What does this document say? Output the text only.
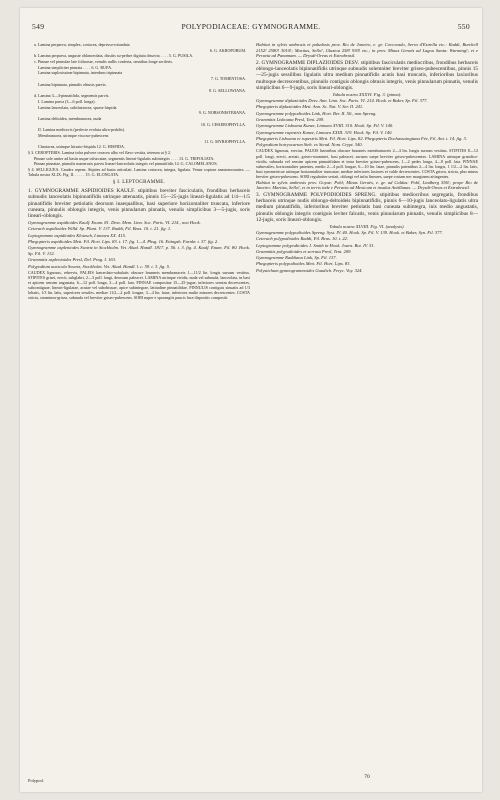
549	POLYPODIACEAE: GYMNOGRAMME.	550
a. Lamina perparva, simplex, coriacea, depresso-rotundata
6. G. AKROPORUM.
b. Lamina perparva, unguste oblanceolata, dissitis su-perbre digitata dissecta . . . . 5. G. PUSILA.
c. Pinnae vel pinnulae late foliaceae, venulis nullis conferta, omnibus longe soriferis.
Lamina simpliciter pinnata . . . . 6. G. RUFA.
Lamina suplosissime bipinnata, interdum tripinnata
7. G. TOMENTOSA.
Lamina bipinnata, pinnulis obtusis parvis.
8. G. SELLOWIANA.
d. Lamina 3—4-pinnatifida, segmentis parvis.
I. Lamina parva (3—6 poll. longa).
Lamina lanceolata, subchartacea, sparse hispida
9. G. NOBSONISTEBANA.
Lamina deltoidea, membranacea, nuda
10. G. CHAEROPHYLLA.
II. Lamina mediocris (perfecte evoluta ultra-pedalis).
Membranacea, utrinque viscoso-pubescens
11. G. MYRIOPHYLLA.
Chartacea, utrinque hirsuto-hispida 12. G. HISPIDA.
§ 3. CEROPTERIS. Lamina infra pulvere ceraceo albo vel flavo vestita, teterum ut § 2.
Pinnae sole uniter ad basin usque trifurcatae, segmentis lineari-ligulatis subintegris . . . . 13. G. TRIFOLIATA.
Pinnae pinnatae, pinnulis numerosis parvis lineari-lanceolatis integris vel pinnatifidis 14. G. CALOMELANOS.
§ 4. SELLIGUEA. Caudex repens. Stipites ad basin articulati. Lamina coriacea, integra, ligulata. Venae copiose anastomosantes. — Tabula nostra XLIX. Fig. II. . . . . . 15. G. ELONGATA.
§ I. LEPTOGRAMME.
1. GYMNOGRAMME ASPIDIOIDES KAULF. stipitibus breviter fasciculatis, frondibus herbaceis subnudis lanceolatis bipinnatifidis utrinque attenuatis, pinnis 15—25-jugis lineari-ligulatis ad 1/4—1/5 pinnatifidis breviter petiolatis deorsum inaequalibus, basi superiore horizontaliter truncata, inferiore cuneata, pinnulis oblongis integris, venis pinnularum pinnatis, venulis simplicibus 3—5-jugis, soris lineari-oblongis.
Gymnogramme aspidioides Kaulf. Enum. 81. Desv. Mem. Linn. Soc. Paris. VI. 214., non Hook.
Ceterach aspidioides Willd. Sp. Plant. V. 137. Raddi, Fil. Bras. 10. t. 21. fig. 1.
Leptogramme aspidioides Klotzsch, Linnaea XX. 415.
Phegopteris aspidioides Mett. Fil. Hort. Lips. 83. t. 17. fig. 1—4. Phsg. 16. Ettingsh. Farnkr. t. 37. fig. 2.
Gymnogramme aspleniodes Swartz in Stockholm. Vet. Akad. Handl. 1817. p. 56. t. 3. fig. 4. Kaulf. Enum. Fil. 80. Hook. Sp. Fil. V. 132.
Grammitis asplenioides Presl, Del. Prag. I. 163.
Polypodium auxicola Swartz, Stockholm. Vet. Akad. Handl. l. c. 59. t. 3. fig. 5.
CAUDEX lignosus, rebrevis, PALEIS lanceolato-subulatis obscure brunneis membranaceis 1—11/2 lin. longis sursum vestitus. STIPITES grisei, erecti, subglabri, 2—3 poll. longi, deorsum paleacei. LAMINA utrinque viridis, nuda vel subnuda, lanceolata, in basi et apicem sensim angustata, 6—12 poll. longa, 3—4 poll. lata. PINNAE compositae 15—25-jugae, inferiores sensim decrescentes, subcontiguae, lineari-ligulatae, acutae vel subobtusae, apice subintegrae, latitudine pinnatifidae, PINNULIS contiguis sinuatis ad 1/3 lobatis, 1/3 lin. latis, superiores sessiles, mediae 11/2—2 poll. longae, 3—4 lin. latae, inferiores multo minores decrescentes. COSTA stricta, straminea-grisea, subnuda vel breviter griseo-pubescens. SORI nuper e sporangiis paucis laxe dispositis compositi.
Habitat in sylvis umbrosis et paludosis prov. Rio de Janeiro, e. gr. Corcovado, Serra d'Estrella etc.: Raddi, Burchell 2152! 2580! 3010!; Martius, Sello!, Glaziou 258! 930! etc.; in prov. Minas Geraés ad Lagoa Santa: Warming!; et e Peruvia ad Panamam. — Drysdi-Oreas et Extrabrasil.
2. GYMNOGRAMME DIPLAZIOIDES DESV. stipitibus fasciculatis mediocribus, frondibus herbaceis oblongo-lanceolatis bipinnatifidis utrinque subnudis solemniter breviter griseo-pubescentibus, pinnis 15—25-jugis sessilibus ligulatis ultra medium pinnatifidis acutis basi truncatis, inferioribus laxioribus multoque decrescentibus, pinnulis contiguis oblongis obtusis integris, venis pinnularum pinnatis, venulis simplicibus 6—9-jugis, soris lineari-oblongis.
Tabula nostra XXXVI. Fig. 3. (pinna).
Gymnogramme diplazioides Desv. Ann. Linn. Soc. Paris. VI. 214. Hook. et Baker, Sp. Fil. 377.
Phegopteris diplazioides Mett. Ann. Sc. Nat. V. Ser. II. 241.
Gymnogramme polypodioides Link, Hort. Ber. II. 50., non Spreng.
Grammitis Lisboana Presl, Tent. 209.
Gymnogramme Lisboana Kunze, Linnaea XVIII. 310. Hook. Sp. Fil. V. 140.
Gymnogramme rupestris Kunze, Linnaea XXIII. 319. Hook. Sp. Fil. V. 140.
Phegopteris Lisboana et rupestris Mett. Fil. Hort. Lips. 82. Phegopteris Dochassoingiana Fée, Fil. Ant. t. 14. fig. 3.
Polypodium botryocarum Sieb. ex Steud. Nom. Crypt. 340.
CAUDEX lignosus, erectus, PALEIS linearibus obscure brunneis membranaceis 2—4 lin. longis sursum vestitus. STIPITES 8—12 poll. longi, erecti, aretati, griseo-straminei, basi paleacei, sursum saepe breviter griseo-pubescentes. LAMINA utrinque grandico-viridis, subnuda vel sensim apicem pinnatifidam et intra breviter griseo-pubescens, 1—2 pedes longa, 4—8 poll. lata. PINNAE subsessiles, horizontaliter patentes, medio 2—4 poll. longae, 6—10 lin. latae, pinnulis patentibus 2—4 lin. longis, 1 1/2—2 lin. latis, basi symmetricae utrinque horizontaliter truncatae, mediae inferiores laxiores et valde decrescentes. COSTA grisea, stricta, plus minus breviter griseo-pubescens. SORI regulariter seriati, oblongi vel infra lineares, saepe costam nec marginem attingentes.
Habitat in sylvis umbrosis prov. Goyaz: Pohl; Minas Geraës, e. gr. ad Caldas: Pohl, Lindberg 556!; prope Rio de Janeiro: Martius, Sello!, et in terris inde e Peruvia ad Mexicum et insulas Antillanas. — Drysdi-Oreas et Extrabrasil.
3. GYMNOGRAMME POLYPODIOIDES SPRENG. stipitibus mediocribus segregatis, frondibus herbaceis utrinque nudis oblongo-deltoideis bipinnatifidis, pinnis 6—10-jugis lanceolato-ligulatis ultra medium pinnatifidis, inferioribus breviter petiolatis basi cuneata subintegra, inis medio angustatis, pinnulis oblongis integris contiguis leviter falcatis, venis pinnularum pinnatis, venulis simplicibus 8—12-jugis, soris lineari-oblongis.
Tabula nostra XLVIII. Fig. VI. (analysis).
Gymnogramme polypodioides Spreng. Syst. IV. 40. Hook. Sp. Fil. V. 139. Hook. et Baker, Syn. Fil. 377.
Ceterach polypodioides Raddi, Fil. Bras. 10. t. 22.
Leptogramme polypodioides J. Smith in Hook. Journ. Bot. IV. 51.
Grammitis polypodioides et serrata Presl, Tent. 209.
Gymnogramme Raddiana Link, Sp. Fil. 137.
Phegopteris polypodioides Mett. Fil. Hort. Lips. 83.
Polystichum gymnogrammoides Gaudich. Freyc. Voy. 324.
Polypod.
70
